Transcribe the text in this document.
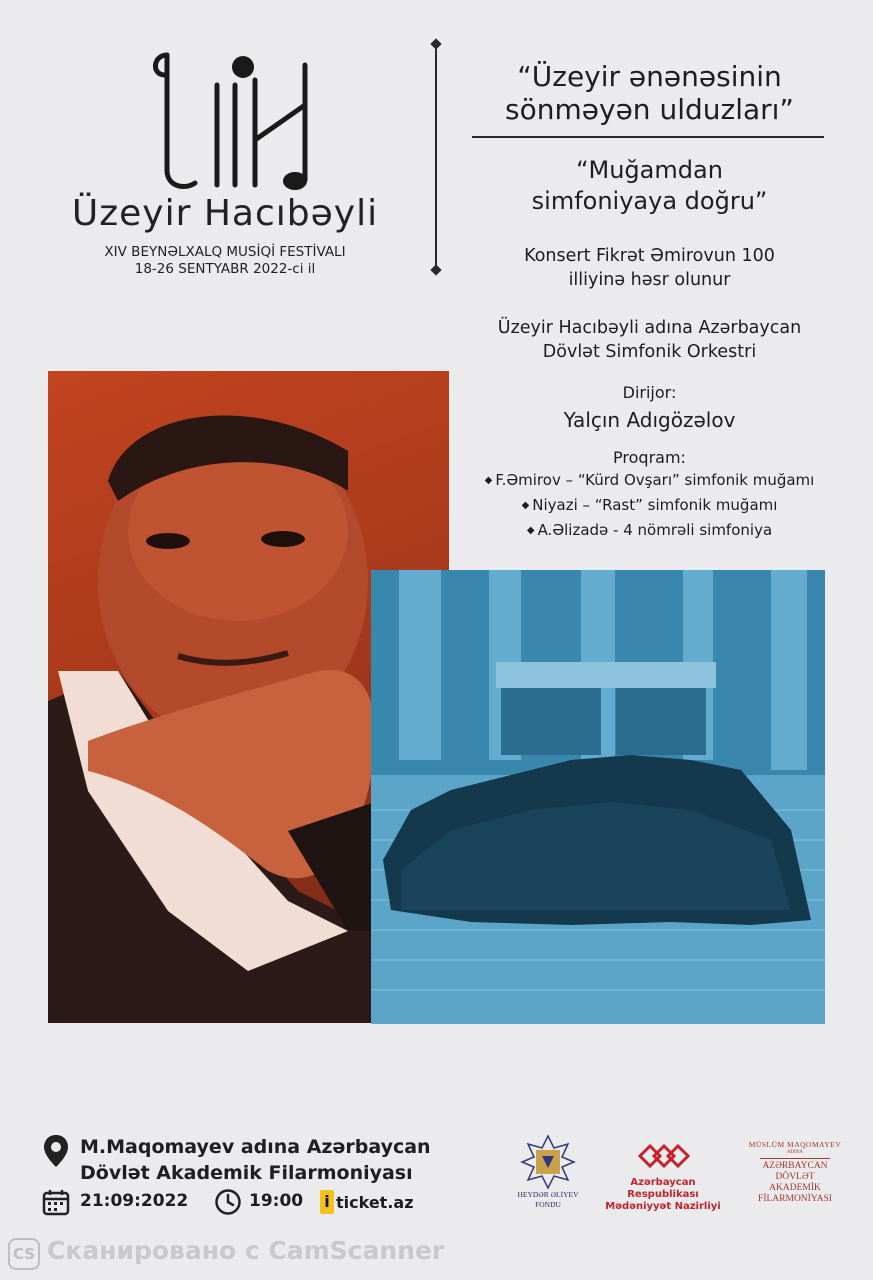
Üzeyir Hacıbəyli
XIV BEYNƏLXALQ MUSİQİ FESTİVALI
18-26 SENTYABR 2022-ci il
“Üzeyir ənənəsinin
sönməyən ulduzları”
“Muğamdan
simfoniyaya doğru”
Konsert Fikrət Əmirovun 100
illiyinə həsr olunur
Üzeyir Hacıbəyli adına Azərbaycan
Dövlət Simfonik Orkestri
Dirijor:
Yalçın Adıgözəlov
Proqram:
◆ F.Əmirov – “Kürd Ovşarı” simfonik muğamı
◆ Niyazi – “Rast” simfonik muğamı
◆ A.Əlizadə - 4 nömrəli simfoniya
M.Maqomayev adına Azərbaycan
Dövlət Akademik Filarmoniyası
21:09:2022	19:00 i ticket.az	HEYDƏR ƏLİYEV
FONDU
Azərbaycan Respublikası
Mədəniyyət Nazirliyi
MÜSLÜM MAQOMAYEV
ADINA
AZƏRBAYCAN DÖVLƏT
AKADEMİK
FİLARMONİYASI
CS Сканировано с CamScanner
